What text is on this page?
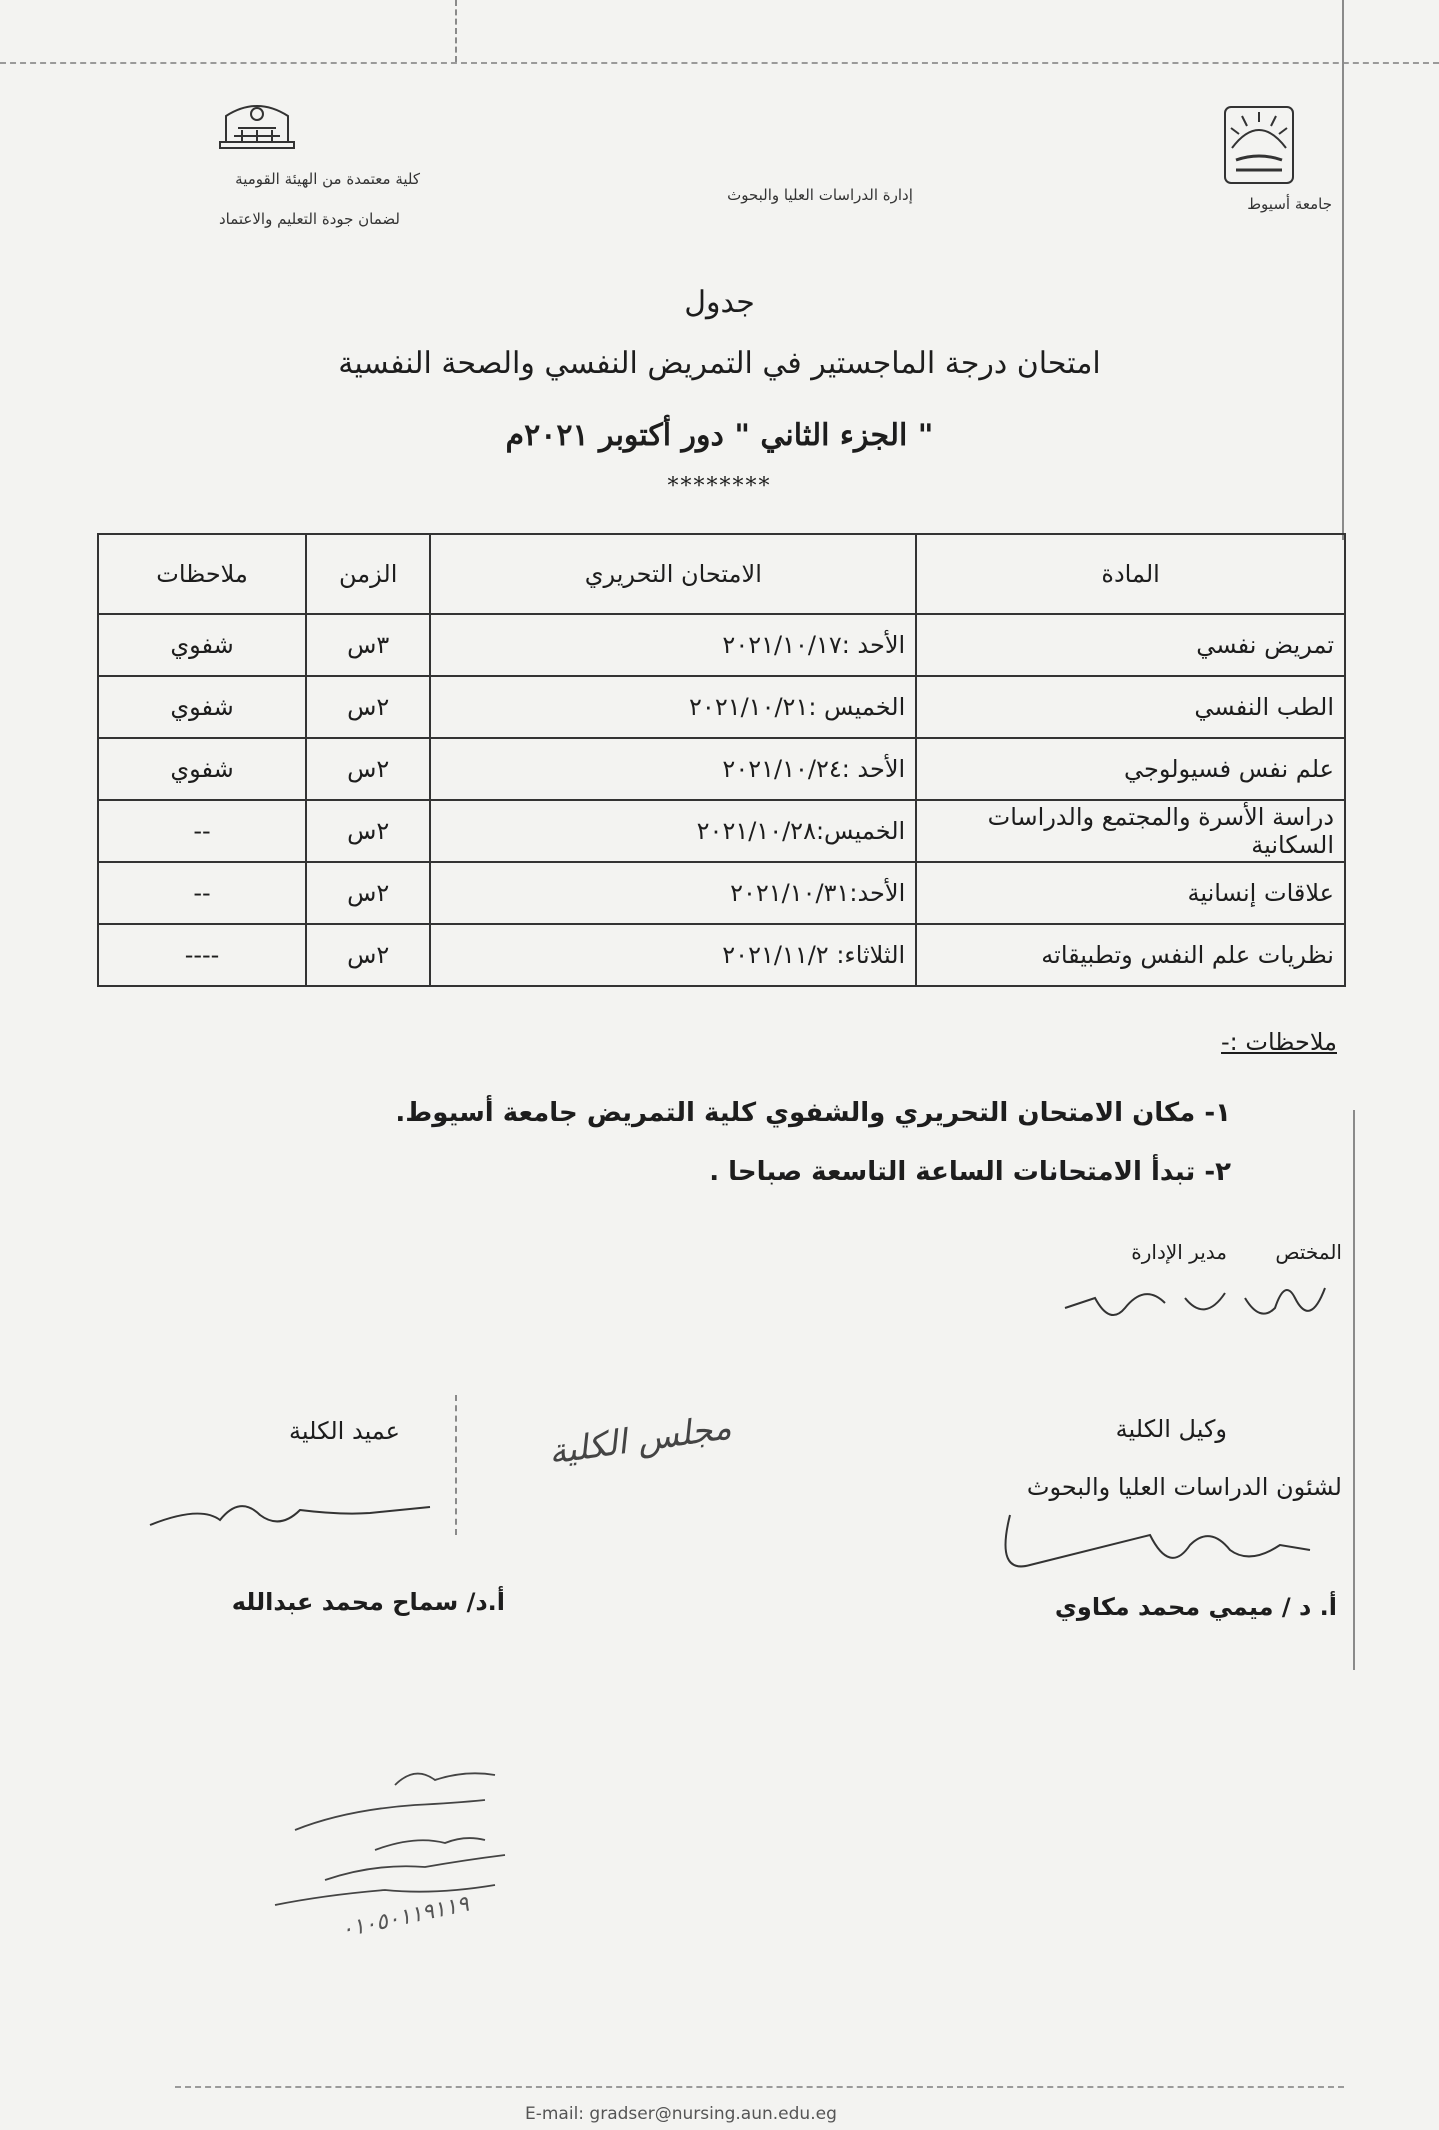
جامعة أسيوط
إدارة الدراسات العليا والبحوث
كلية معتمدة من الهيئة القومية
لضمان جودة التعليم والاعتماد
جدول
امتحان درجة الماجستير في التمريض النفسي والصحة النفسية
" الجزء الثاني " دور أكتوبر ٢٠٢١م
********
المادة	الامتحان التحريري	الزمن	ملاحظات
تمريض نفسي	الأحد :٢٠٢١/١٠/١٧	٣س	شفوي
الطب النفسي	الخميس :٢٠٢١/١٠/٢١	٢س	شفوي
علم نفس فسيولوجي	الأحد :٢٠٢١/١٠/٢٤	٢س	شفوي
دراسة الأسرة والمجتمع والدراسات السكانية	الخميس:٢٠٢١/١٠/٢٨	٢س	--
علاقات إنسانية	الأحد:٢٠٢١/١٠/٣١	٢س	--
نظريات علم النفس وتطبيقاته	الثلاثاء: ٢٠٢١/١١/٢	٢س	----
ملاحظات :-
١- مكان الامتحان التحريري والشفوي كلية التمريض جامعة أسيوط.
٢- تبدأ الامتحانات الساعة التاسعة صباحا .
المختص
مدير الإدارة
وكيل الكلية
لشئون الدراسات العليا والبحوث
أ. د / ميمي محمد مكاوي
عميد الكلية
أ.د/ سماح محمد عبدالله
مجلس الكلية
٠١٠٥٠١١٩١١٩
E-mail: gradser@nursing.aun.edu.eg
